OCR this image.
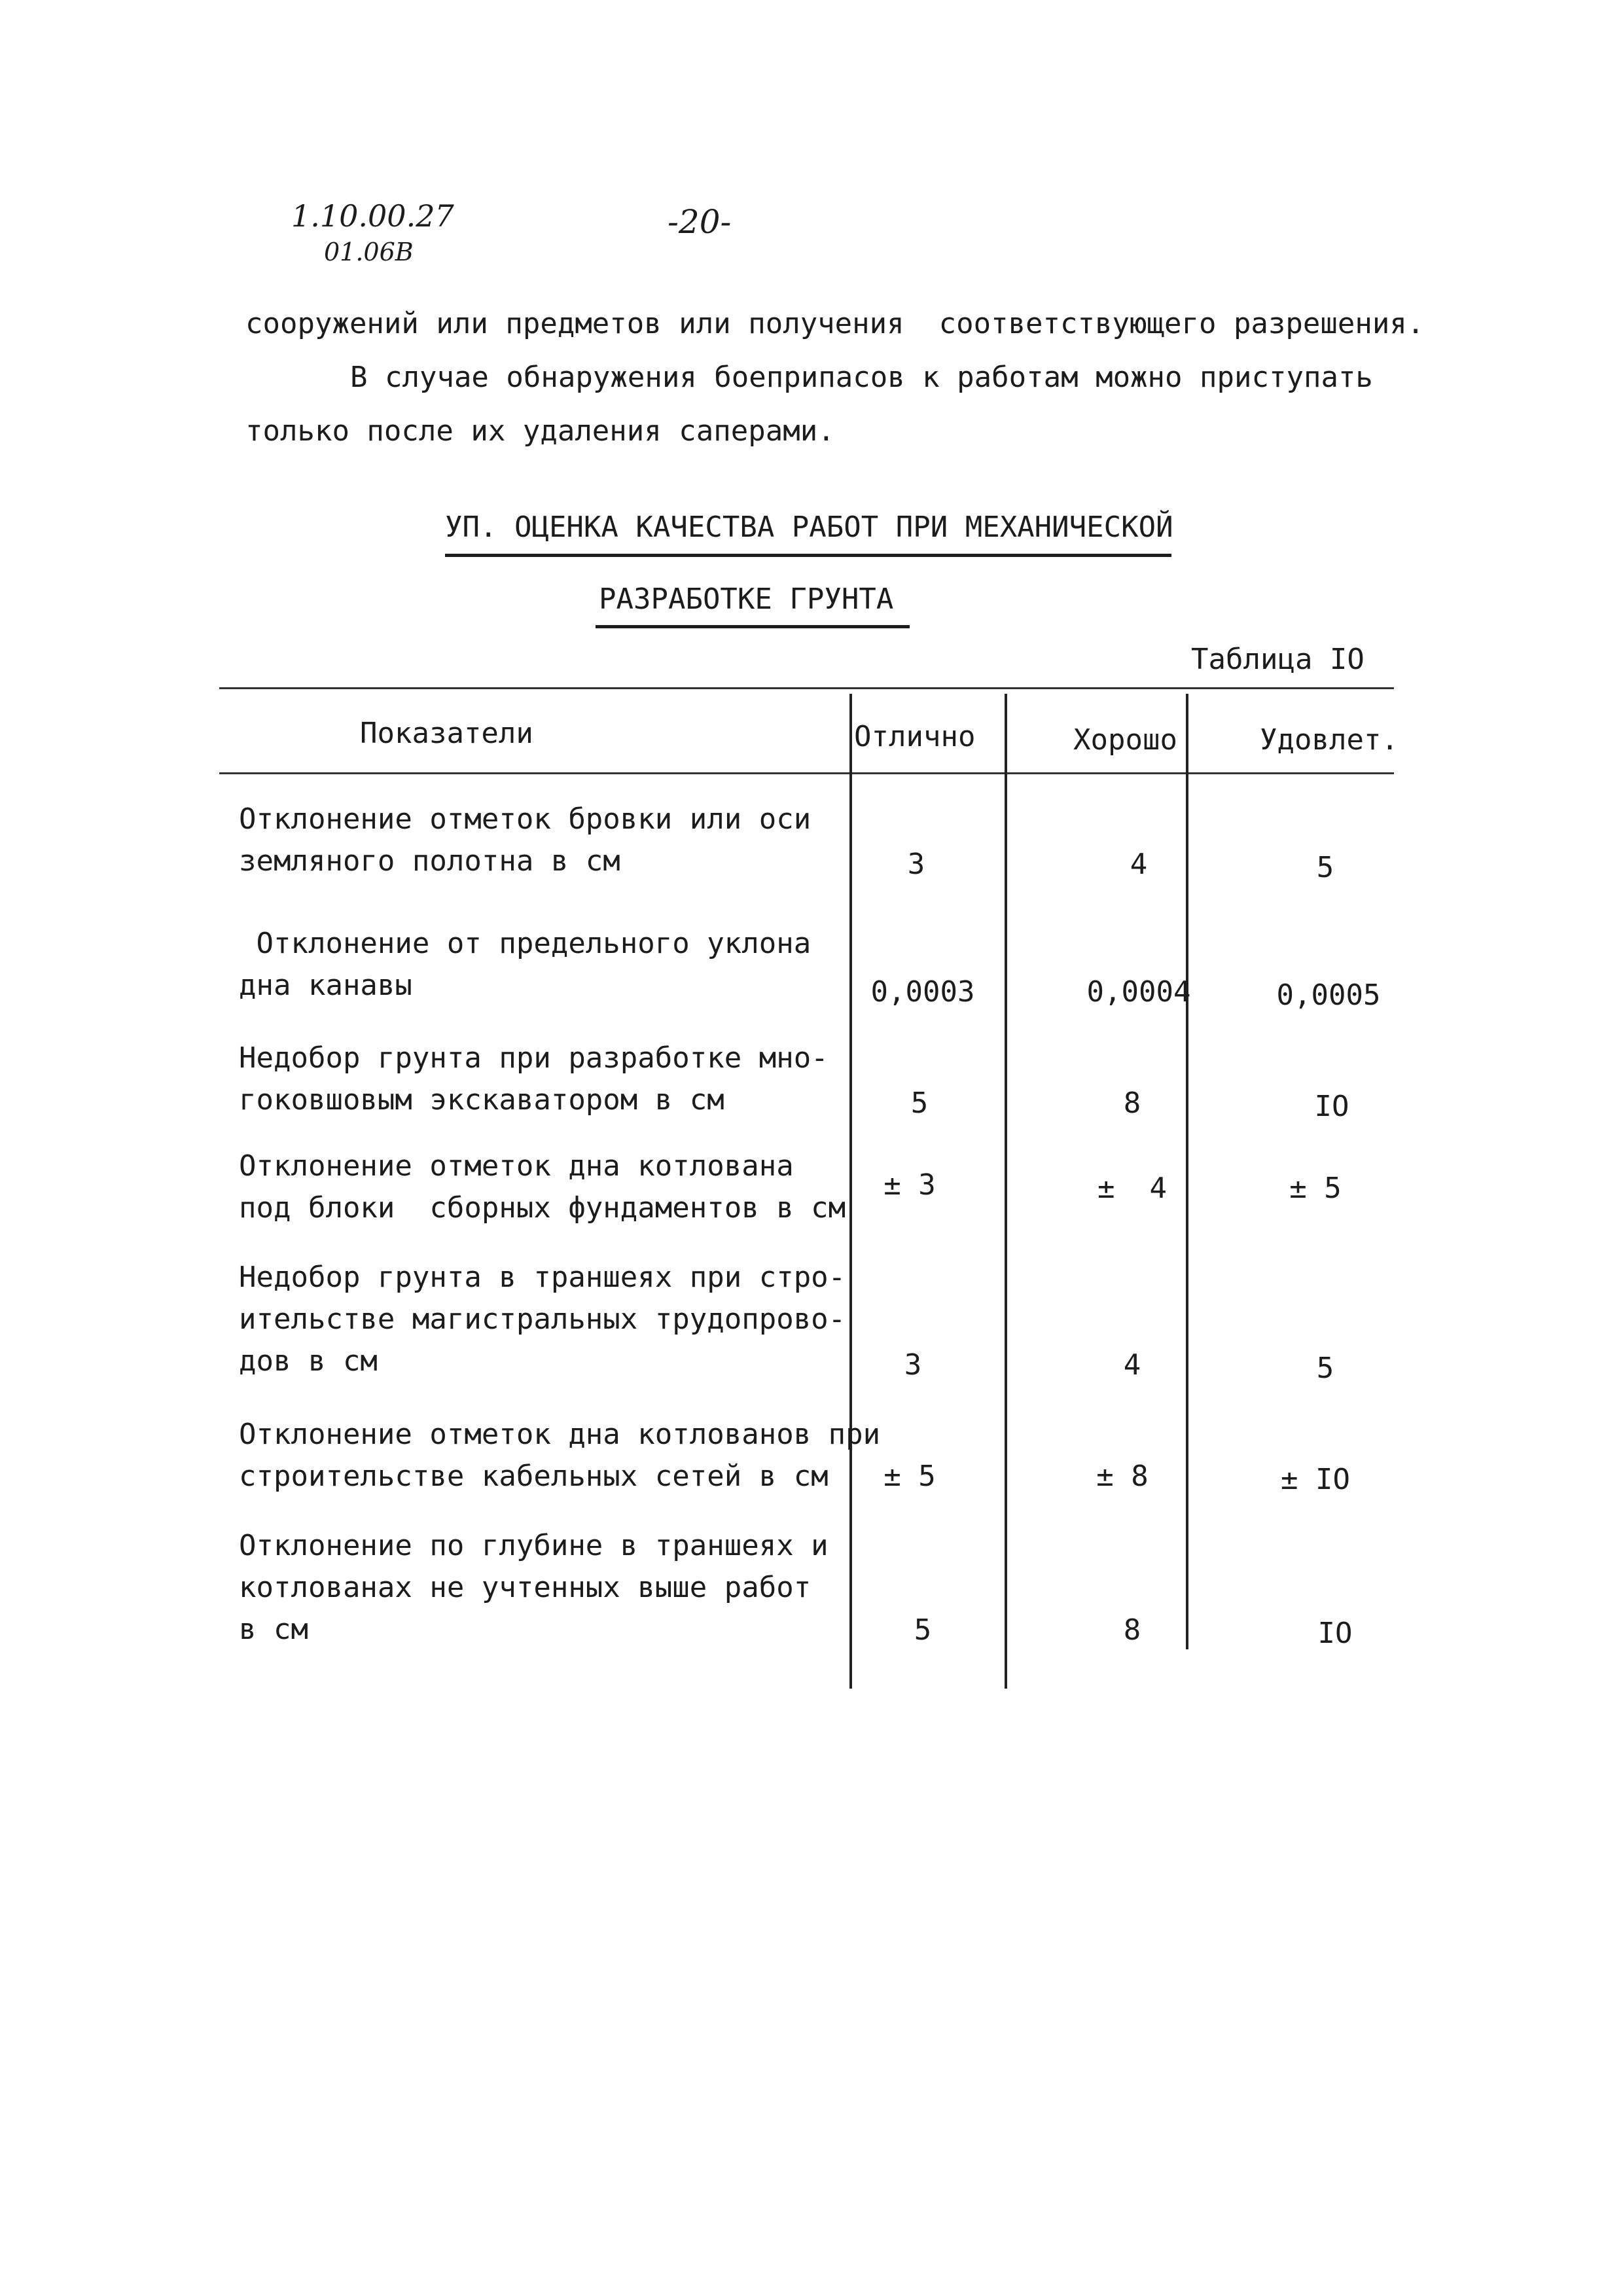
1.10.00.27
01.06B
-20-
сооружений или предметов или получения  соответствующего разрешения.
В случае обнаружения боеприпасов к работам можно приступать
только после их удаления саперами.
УП. ОЦЕНКА КАЧЕСТВА РАБОТ ПРИ МЕХАНИЧЕСКОЙ
РАЗРАБОТКЕ ГРУНТА
Таблица IO
Показатели	Отлично	Хорошо	Удовлет.
Отклонение отметок бровки или оси
земляного полотна в см	3	4	5
Отклонение от предельного уклона
дна канавы	0,0003	0,0004	0,0005
Недобор грунта при разработке мно-
гоковшовым экскаватором в см	5	8	IO
Отклонение отметок дна котлована
под блоки  сборных фундаментов в см
± 3	±  4	± 5
Недобор грунта в траншеях при стро-
ительстве магистральных трудопрово-
дов в см	3	4	5
Отклонение отметок дна котлованов при
строительстве кабельных сетей в см	± 5	± 8	± IO
Отклонение по глубине в траншеях и
котлованах не учтенных выше работ
в см	5	8	IO
